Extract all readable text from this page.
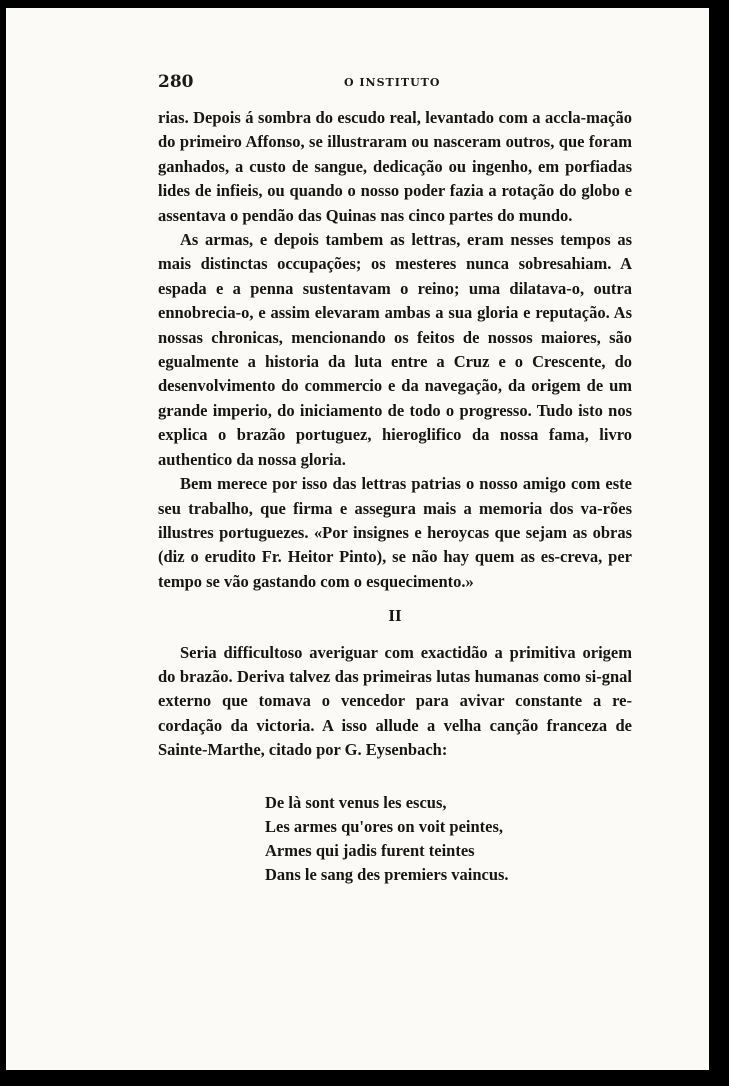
280	O INSTITUTO

rias. Depois á sombra do escudo real, levantado com a accla-mação do primeiro Affonso, se illustraram ou nasceram outros, que foram ganhados, a custo de sangue, dedicação ou ingenho, em porfiadas lides de infieis, ou quando o nosso poder fazia a rotação do globo e assentava o pendão das Quinas nas cinco partes do mundo.

As armas, e depois tambem as lettras, eram nesses tempos as mais distinctas occupações; os mesteres nunca sobresahiam. A espada e a penna sustentavam o reino; uma dilatava-o, outra ennobrecia-o, e assim elevaram ambas a sua gloria e reputação. As nossas chronicas, mencionando os feitos de nossos maiores, são egualmente a historia da luta entre a Cruz e o Crescente, do desenvolvimento do commercio e da navegação, da origem de um grande imperio, do iniciamento de todo o progresso. Tudo isto nos explica o brazão portuguez, hieroglifico da nossa fama, livro authentico da nossa gloria.

Bem merece por isso das lettras patrias o nosso amigo com este seu trabalho, que firma e assegura mais a memoria dos va-rões illustres portuguezes. «Por insignes e heroycas que sejam as obras (diz o erudito Fr. Heitor Pinto), se não hay quem as es-creva, per tempo se vão gastando com o esquecimento.»

II

Seria difficultoso averiguar com exactidão a primitiva origem do brazão. Deriva talvez das primeiras lutas humanas como si-gnal externo que tomava o vencedor para avivar constante a re-cordação da victoria. A isso allude a velha canção franceza de Sainte-Marthe, citado por G. Eysenbach:

De là sont venus les escus,
Les armes qu'ores on voit peintes,
Armes qui jadis furent teintes
Dans le sang des premiers vaincus.
